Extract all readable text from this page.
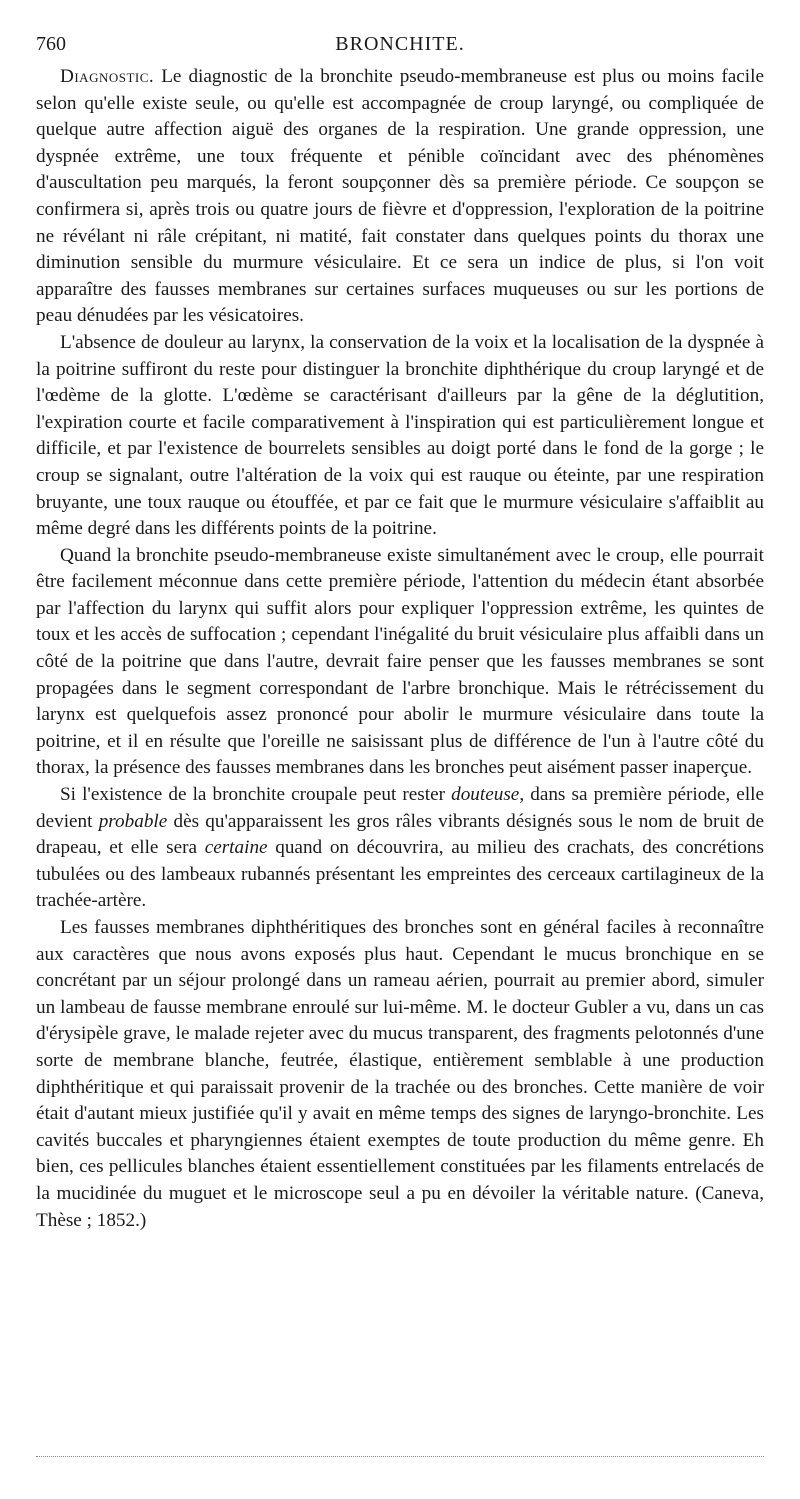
760	BRONCHITE.

Diagnostic. Le diagnostic de la bronchite pseudo-membraneuse est plus ou moins facile selon qu'elle existe seule, ou qu'elle est accompagnée de croup laryngé, ou compliquée de quelque autre affection aiguë des organes de la respiration. Une grande oppression, une dyspnée extrême, une toux fréquente et pénible coïncidant avec des phénomènes d'auscultation peu marqués, la feront soupçonner dès sa première période. Ce soupçon se confirmera si, après trois ou quatre jours de fièvre et d'oppression, l'exploration de la poitrine ne révélant ni râle crépitant, ni matité, fait constater dans quelques points du thorax une diminution sensible du murmure vésiculaire. Et ce sera un indice de plus, si l'on voit apparaître des fausses membranes sur certaines surfaces muqueuses ou sur les portions de peau dénudées par les vésicatoires.

L'absence de douleur au larynx, la conservation de la voix et la localisation de la dyspnée à la poitrine suffiront du reste pour distinguer la bronchite diphthérique du croup laryngé et de l'œdème de la glotte. L'œdème se caractérisant d'ailleurs par la gêne de la déglutition, l'expiration courte et facile comparativement à l'inspiration qui est particulièrement longue et difficile, et par l'existence de bourrelets sensibles au doigt porté dans le fond de la gorge ; le croup se signalant, outre l'altération de la voix qui est rauque ou éteinte, par une respiration bruyante, une toux rauque ou étouffée, et par ce fait que le murmure vésiculaire s'affaiblit au même degré dans les différents points de la poitrine.

Quand la bronchite pseudo-membraneuse existe simultanément avec le croup, elle pourrait être facilement méconnue dans cette première période, l'attention du médecin étant absorbée par l'affection du larynx qui suffit alors pour expliquer l'oppression extrême, les quintes de toux et les accès de suffocation ; cependant l'inégalité du bruit vésiculaire plus affaibli dans un côté de la poitrine que dans l'autre, devrait faire penser que les fausses membranes se sont propagées dans le segment correspondant de l'arbre bronchique. Mais le rétrécissement du larynx est quelquefois assez prononcé pour abolir le murmure vésiculaire dans toute la poitrine, et il en résulte que l'oreille ne saisissant plus de différence de l'un à l'autre côté du thorax, la présence des fausses membranes dans les bronches peut aisément passer inaperçue.

Si l'existence de la bronchite croupale peut rester douteuse, dans sa première période, elle devient probable dès qu'apparaissent les gros râles vibrants désignés sous le nom de bruit de drapeau, et elle sera certaine quand on découvrira, au milieu des crachats, des concrétions tubulées ou des lambeaux rubannés présentant les empreintes des cerceaux cartilagineux de la trachée-artère.

Les fausses membranes diphthéritiques des bronches sont en général faciles à reconnaître aux caractères que nous avons exposés plus haut. Cependant le mucus bronchique en se concrétant par un séjour prolongé dans un rameau aérien, pourrait au premier abord, simuler un lambeau de fausse membrane enroulé sur lui-même. M. le docteur Gubler a vu, dans un cas d'érysipèle grave, le malade rejeter avec du mucus transparent, des fragments pelotonnés d'une sorte de membrane blanche, feutrée, élastique, entièrement semblable à une production diphthéritique et qui paraissait provenir de la trachée ou des bronches. Cette manière de voir était d'autant mieux justifiée qu'il y avait en même temps des signes de laryngo-bronchite. Les cavités buccales et pharyngiennes étaient exemptes de toute production du même genre. Eh bien, ces pellicules blanches étaient essentiellement constituées par les filaments entrelacés de la mucidinée du muguet et le microscope seul a pu en dévoiler la véritable nature. (Caneva, Thèse ; 1852.)
